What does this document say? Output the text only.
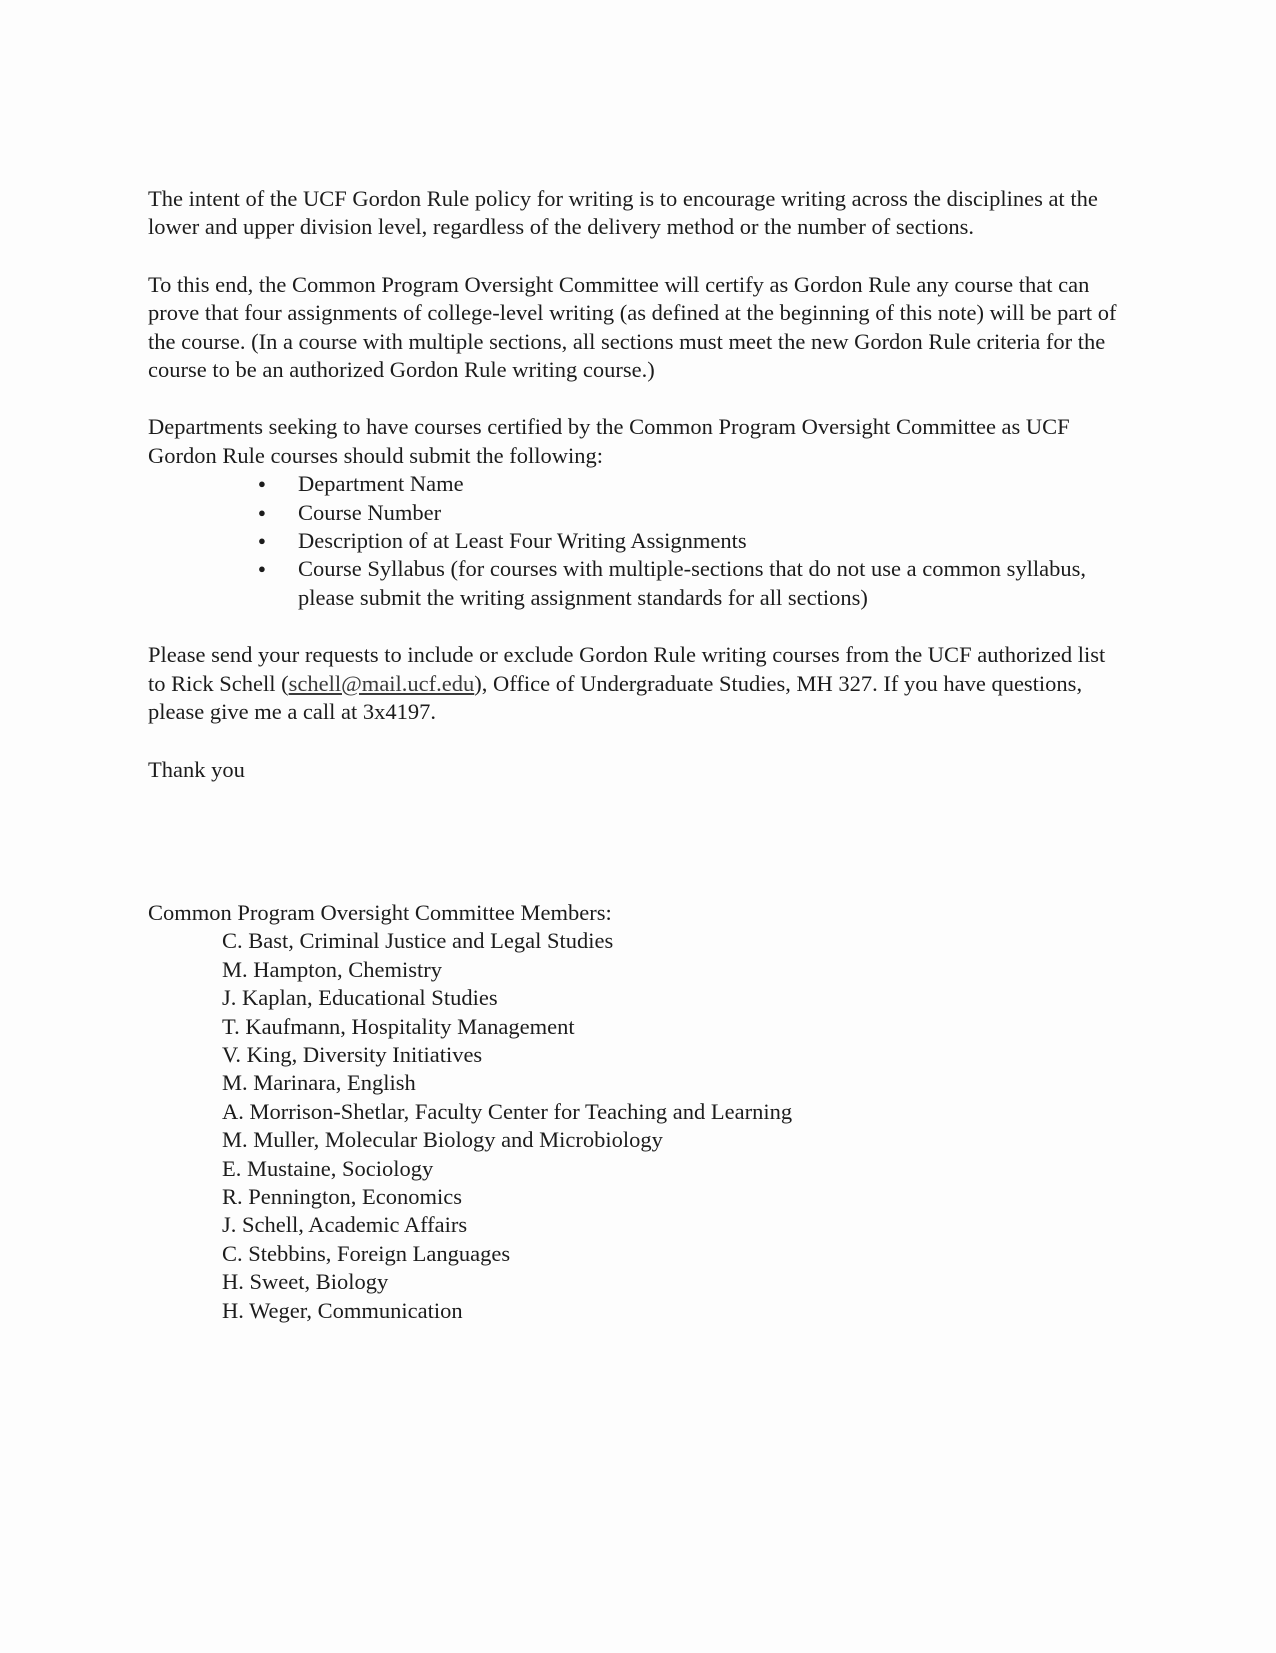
The intent of the UCF Gordon Rule policy for writing is to encourage writing across the disciplines at the lower and upper division level, regardless of the delivery method or the number of sections.

To this end, the Common Program Oversight Committee will certify as Gordon Rule any course that can prove that four assignments of college-level writing (as defined at the beginning of this note) will be part of the course. (In a course with multiple sections, all sections must meet the new Gordon Rule criteria for the course to be an authorized Gordon Rule writing course.)

Departments seeking to have courses certified by the Common Program Oversight Committee as UCF Gordon Rule courses should submit the following:

● Department Name
● Course Number
● Description of at Least Four Writing Assignments
● Course Syllabus (for courses with multiple-sections that do not use a common syllabus, please submit the writing assignment standards for all sections)

Please send your requests to include or exclude Gordon Rule writing courses from the UCF authorized list to Rick Schell (schell@mail.ucf.edu), Office of Undergraduate Studies, MH 327. If you have questions, please give me a call at 3x4197.

Thank you

Common Program Oversight Committee Members:

C. Bast, Criminal Justice and Legal Studies
M. Hampton, Chemistry
J. Kaplan, Educational Studies
T. Kaufmann, Hospitality Management
V. King, Diversity Initiatives
M. Marinara, English
A. Morrison-Shetlar, Faculty Center for Teaching and Learning
M. Muller, Molecular Biology and Microbiology
E. Mustaine, Sociology
R. Pennington, Economics
J. Schell, Academic Affairs
C. Stebbins, Foreign Languages
H. Sweet, Biology
H. Weger, Communication
